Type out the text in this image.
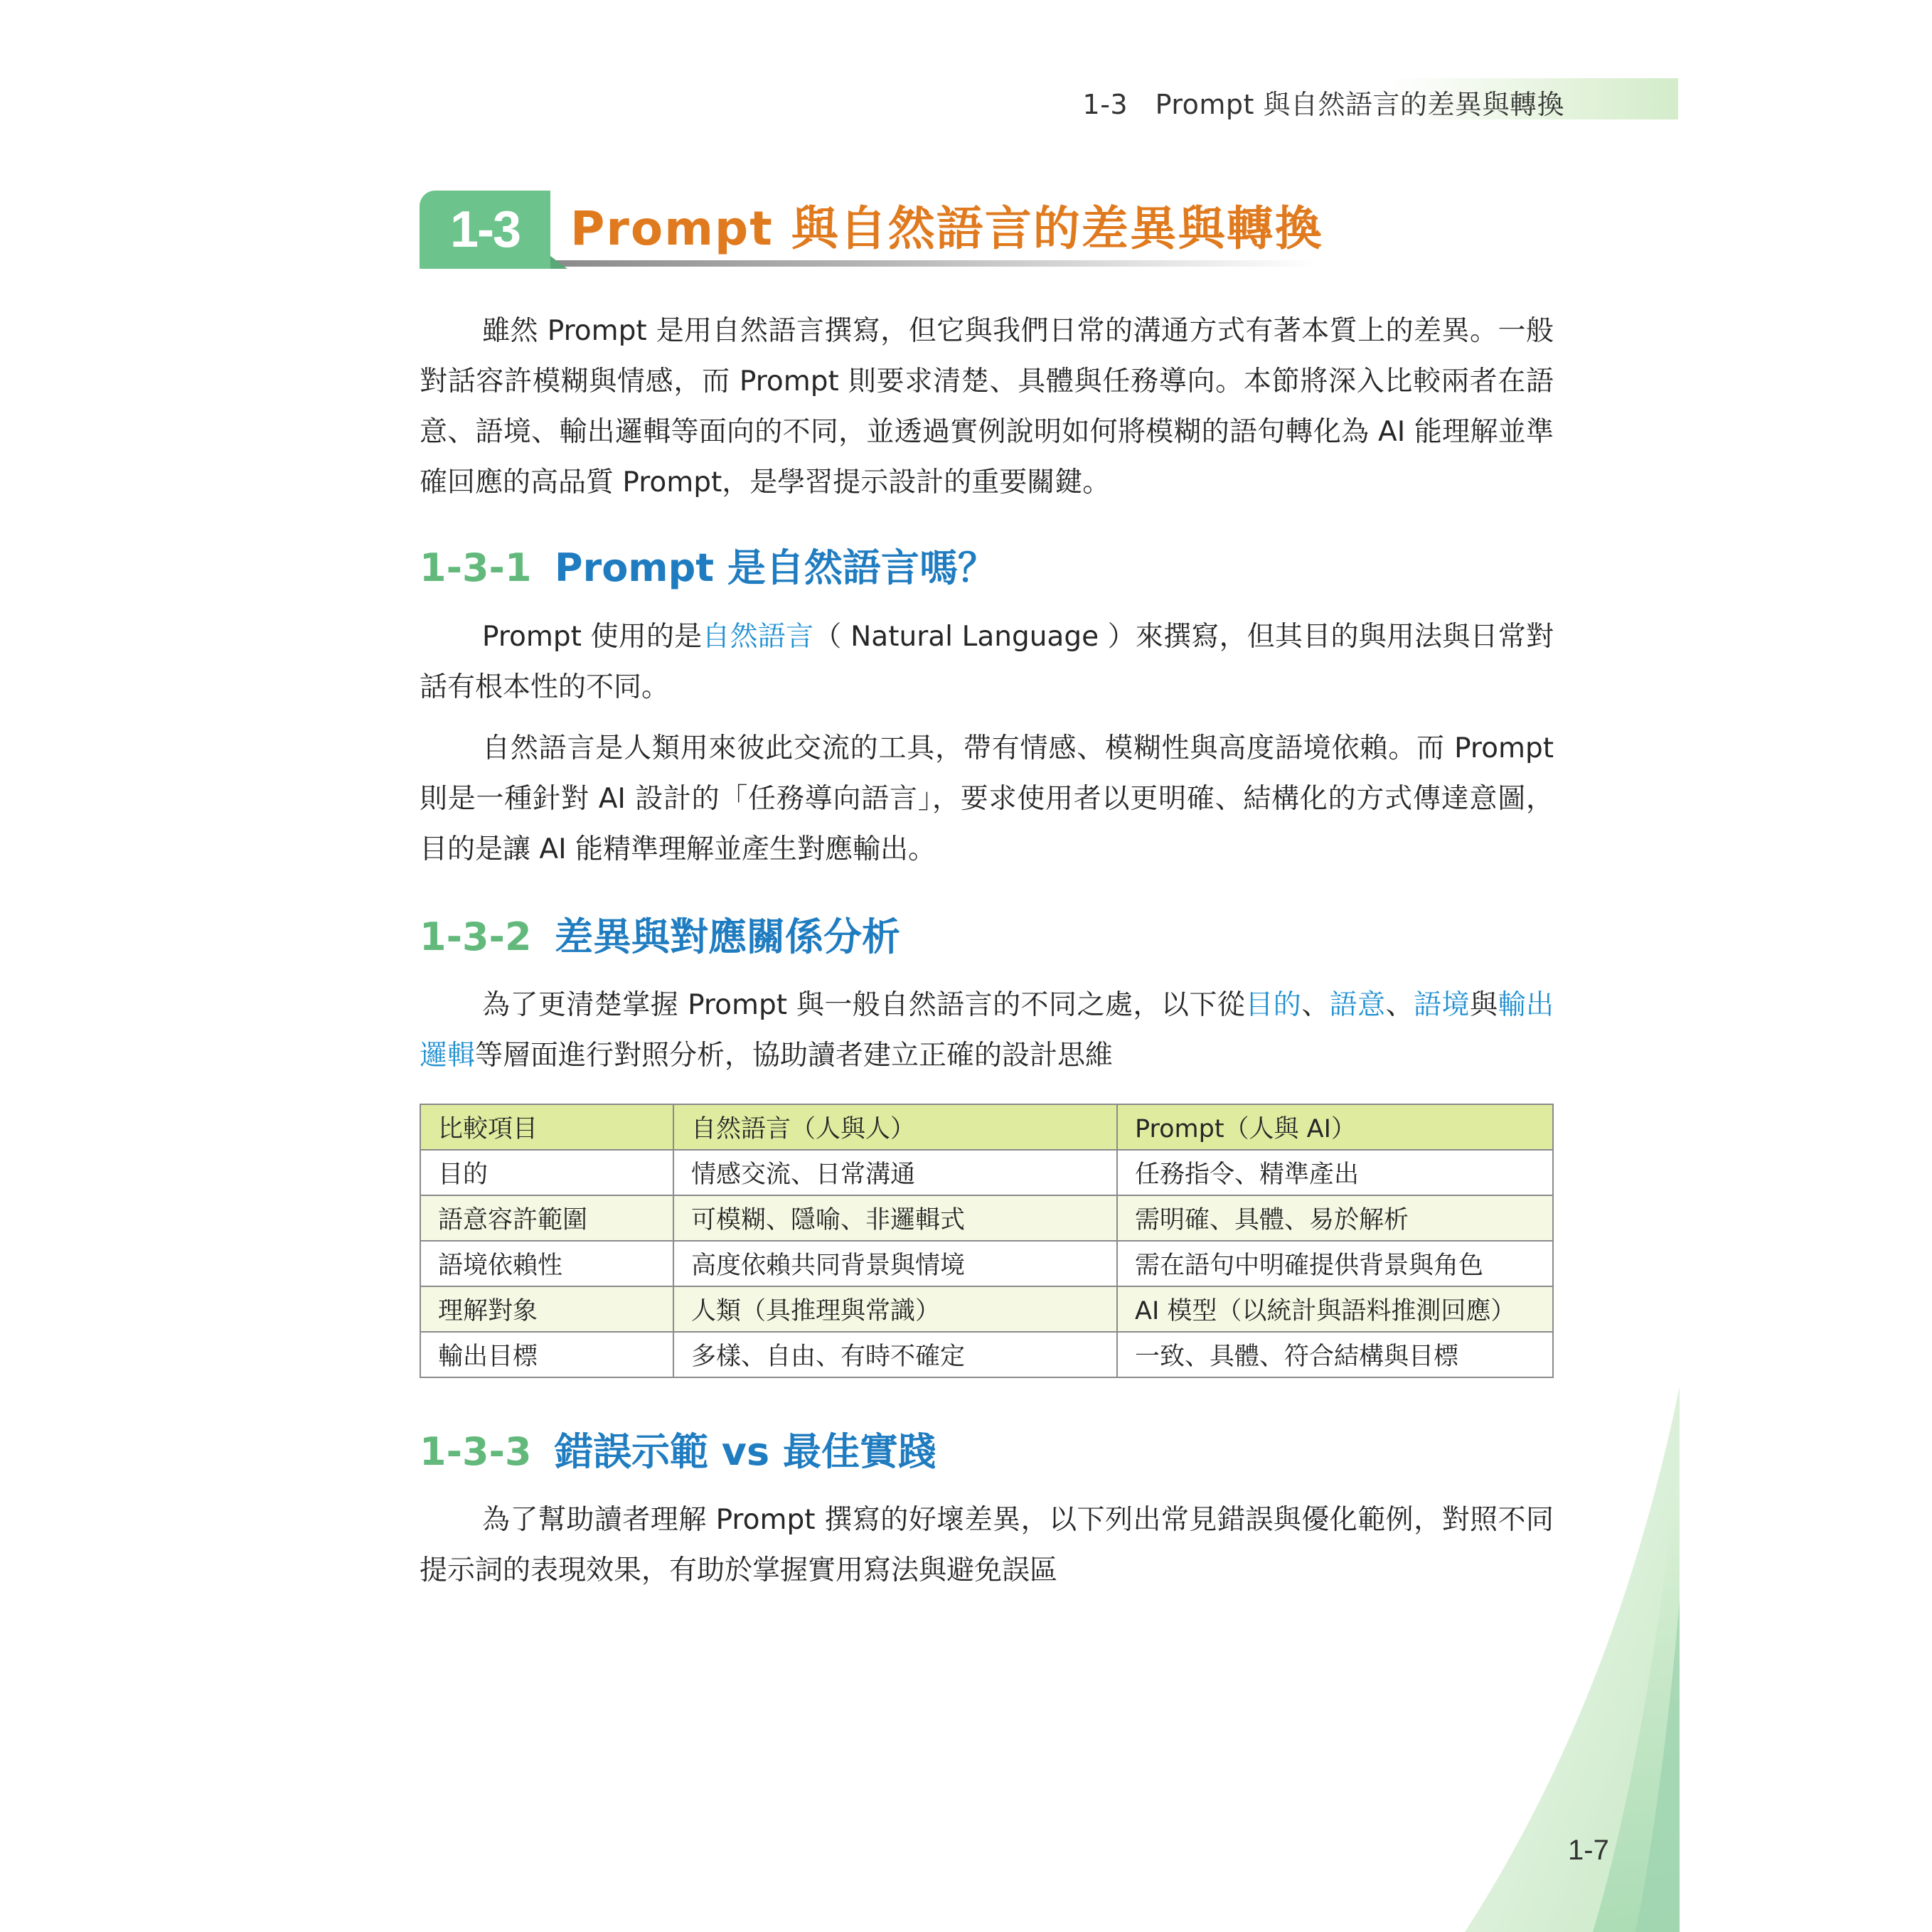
1-3　Prompt 與自然語言的差異與轉換
1-3	Prompt 與自然語言的差異與轉換

雖然 Prompt 是用自然語言撰寫，但它與我們日常的溝通方式有著本質上的差異。一般對話容許模糊與情感，而 Prompt 則要求清楚、具體與任務導向。本節將深入比較兩者在語意、語境、輸出邏輯等面向的不同，並透過實例說明如何將模糊的語句轉化為 AI 能理解並準確回應的高品質 Prompt，是學習提示設計的重要關鍵。

1-3-1 Prompt 是自然語言嗎？

Prompt 使用的是自然語言（ Natural Language ）來撰寫，但其目的與用法與日常對話有根本性的不同。

自然語言是人類用來彼此交流的工具，帶有情感、模糊性與高度語境依賴。而 Prompt 則是一種針對 AI 設計的「任務導向語言」，要求使用者以更明確、結構化的方式傳達意圖，目的是讓 AI 能精準理解並產生對應輸出。

1-3-2 差異與對應關係分析

為了更清楚掌握 Prompt 與一般自然語言的不同之處，以下從目的、語意、語境與輸出邏輯等層面進行對照分析，協助讀者建立正確的設計思維

比較項目	自然語言（人與人）	Prompt（人與 AI）
目的	情感交流、日常溝通	任務指令、精準產出
語意容許範圍	可模糊、隱喻、非邏輯式	需明確、具體、易於解析
語境依賴性	高度依賴共同背景與情境	需在語句中明確提供背景與角色
理解對象	人類（具推理與常識）	AI 模型（以統計與語料推測回應）
輸出目標	多樣、自由、有時不確定	一致、具體、符合結構與目標
1-3-3 錯誤示範 vs 最佳實踐

為了幫助讀者理解 Prompt 撰寫的好壞差異，以下列出常見錯誤與優化範例，對照不同提示詞的表現效果，有助於掌握實用寫法與避免誤區

1-7
